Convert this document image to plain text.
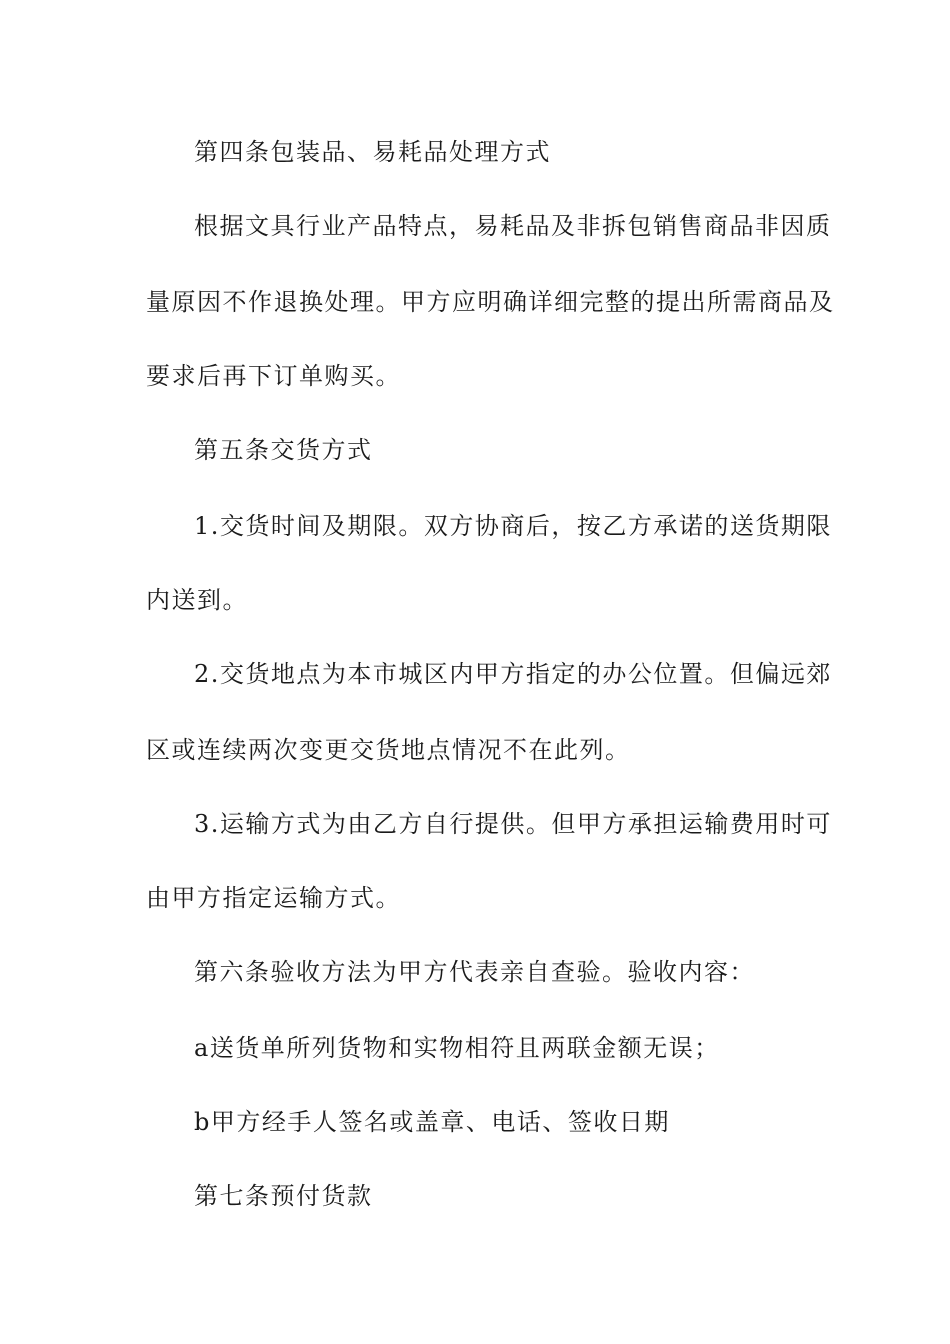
第四条包装品、易耗品处理方式
根据文具行业产品特点，易耗品及非拆包销售商品非因质
量原因不作退换处理。甲方应明确详细完整的提出所需商品及
要求后再下订单购买。
第五条交货方式
1.交货时间及期限。双方协商后，按乙方承诺的送货期限
内送到。
2.交货地点为本市城区内甲方指定的办公位置。但偏远郊
区或连续两次变更交货地点情况不在此列。
3.运输方式为由乙方自行提供。但甲方承担运输费用时可
由甲方指定运输方式。
第六条验收方法为甲方代表亲自查验。验收内容：
a送货单所列货物和实物相符且两联金额无误；
b甲方经手人签名或盖章、电话、签收日期
第七条预付货款
